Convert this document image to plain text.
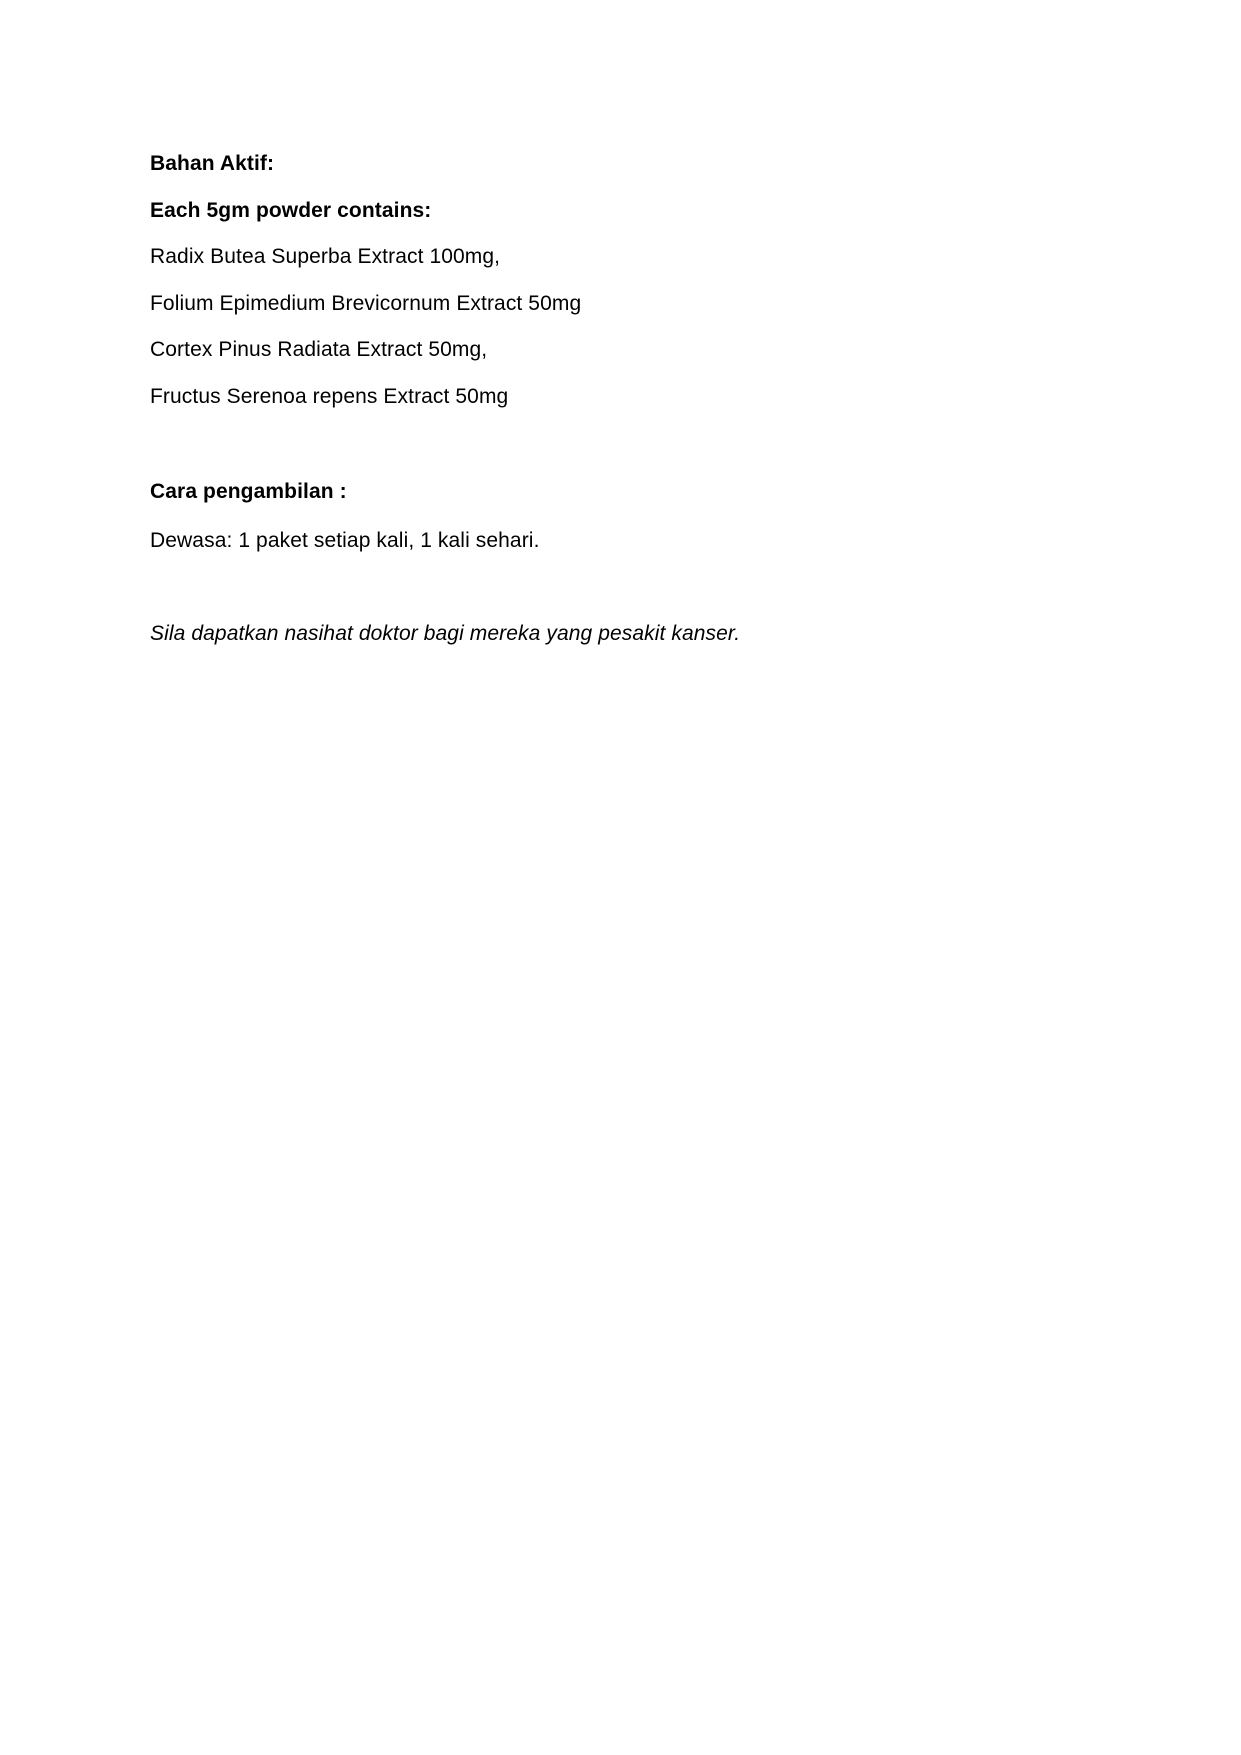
Bahan Aktif:
Each 5gm powder contains:
Radix Butea Superba Extract 100mg,
Folium Epimedium Brevicornum Extract 50mg
Cortex Pinus Radiata Extract 50mg,
Fructus Serenoa repens Extract 50mg
Cara pengambilan :
Dewasa: 1 paket setiap kali, 1 kali sehari.
Sila dapatkan nasihat doktor bagi mereka yang pesakit kanser.
